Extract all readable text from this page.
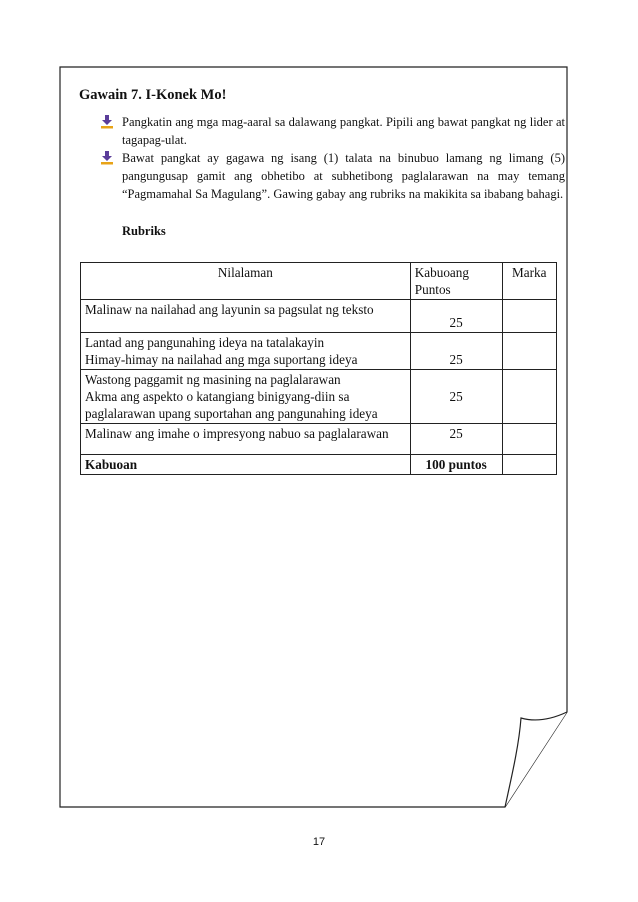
Gawain 7. I-Konek Mo!
Pangkatin ang mga mag-aaral sa dalawang pangkat. Pipili ang bawat pangkat ng lider at tagapag-ulat.
Bawat pangkat ay gagawa ng isang (1) talata na binubuo lamang ng limang (5) pangungusap gamit ang obhetibo at subhetibong paglalarawan na may temang “Pagmamahal Sa Magulang”. Gawing gabay ang rubriks na makikita sa ibabang bahagi.
Rubriks
Nilalaman	Kabuoang Puntos	Marka

Malinaw na nailahad ang layunin sa pagsulat ng teksto	25	

Lantad ang pangunahing ideya na tatalakayin
Himay-himay na nailahad ang mga suportang ideya	25	

Wastong paggamit ng masining na paglalarawan
Akma ang aspekto o katangiang binigyang-diin sa
paglalarawan upang suportahan ang pangunahing ideya	25	

Malinaw ang imahe o impresyong nabuo sa paglalarawan	25	
Kabuoan	100 puntos	
17
